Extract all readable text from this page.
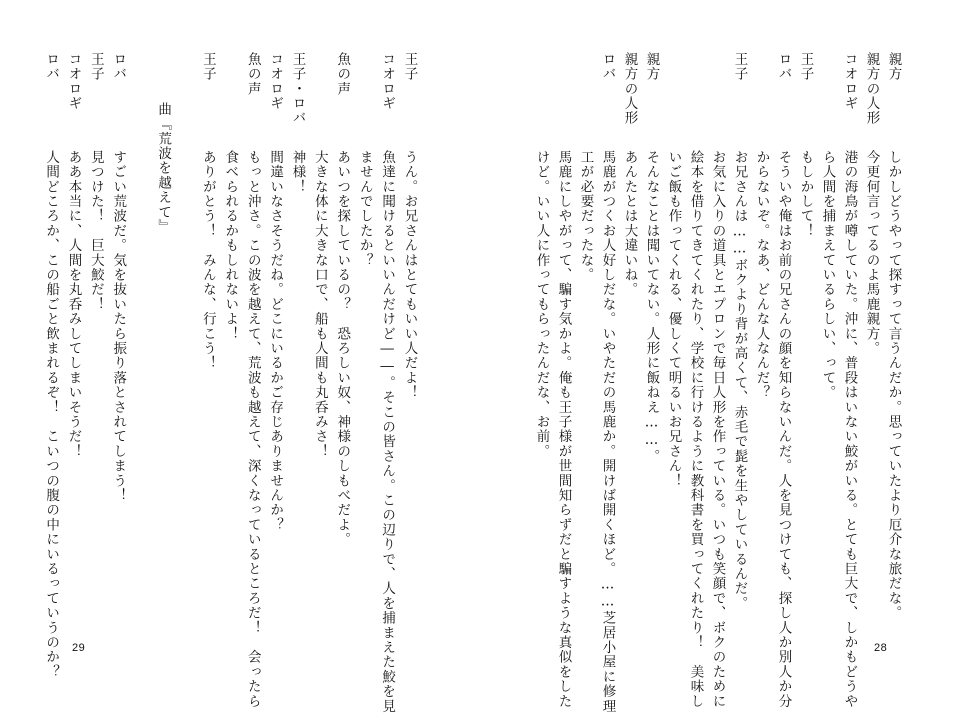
29
王子
うん。お兄さんはとてもいい人だよ！
コオロギ
魚達に聞けるといいんだけど――。そこの皆さん。この辺りで、人を捕まえた鮫を見
ませんでしたか？
魚の声
あいつを探しているの？　恐ろしい奴、神様のしもべだよ。
大きな体に大きな口で、船も人間も丸呑みさ！
王子・ロバ
神様！
コオロギ
間違いなさそうだね。どこにいるかご存じありませんか？
魚の声
もっと沖さ。この波を越えて、荒波も越えて、深くなっているところだ！　会ったら
食べられるかもしれないよ！
王子
ありがとう！　みんな、行こう！
曲『荒波を越えて』
ロバ
すごい荒波だ。気を抜いたら振り落とされてしまう！
王子
見つけた！　巨大鮫だ！
コオロギ
ああ本当に、人間を丸呑みしてしまいそうだ！
ロバ
人間どころか、この船ごと飲まれるぞ！　こいつの腹の中にいるっていうのか？	28
親方
しかしどうやって探すって言うんだか。思っていたより厄介な旅だな。
親方の人形
今更何言ってるのよ馬鹿親方。
コオロギ
港の海鳥が噂していた。沖に、普段はいない鮫がいる。とても巨大で、しかもどうや
ら人間を捕まえているらしい、って。
王子
もしかして！
ロバ
そういや俺はお前の兄さんの顔を知らないんだ。人を見つけても、探し人か別人か分
からないぞ。なあ、どんな人なんだ？
王子
お兄さんは……ボクより背が高くて、赤毛で髭を生やしているんだ。
お気に入りの道具とエプロンで毎日人形を作っている。いつも笑顔で、ボクのために
絵本を借りてきてくれたり、学校に行けるように教科書を買ってくれたり！　美味し
いご飯も作ってくれる、優しくて明るいお兄さん！
親方
そんなことは聞いてない。人形に飯ねえ……。
親方の人形
あんたとは大違いね。
ロバ
馬鹿がつくお人好しだな。いやただの馬鹿か。開けば開くほど。……芝居小屋に修理
工が必要だったな。
馬鹿にしやがって、騙す気かよ。俺も王子様が世間知らずだと騙すような真似をした
けど。いい人に作ってもらったんだな、お前。
